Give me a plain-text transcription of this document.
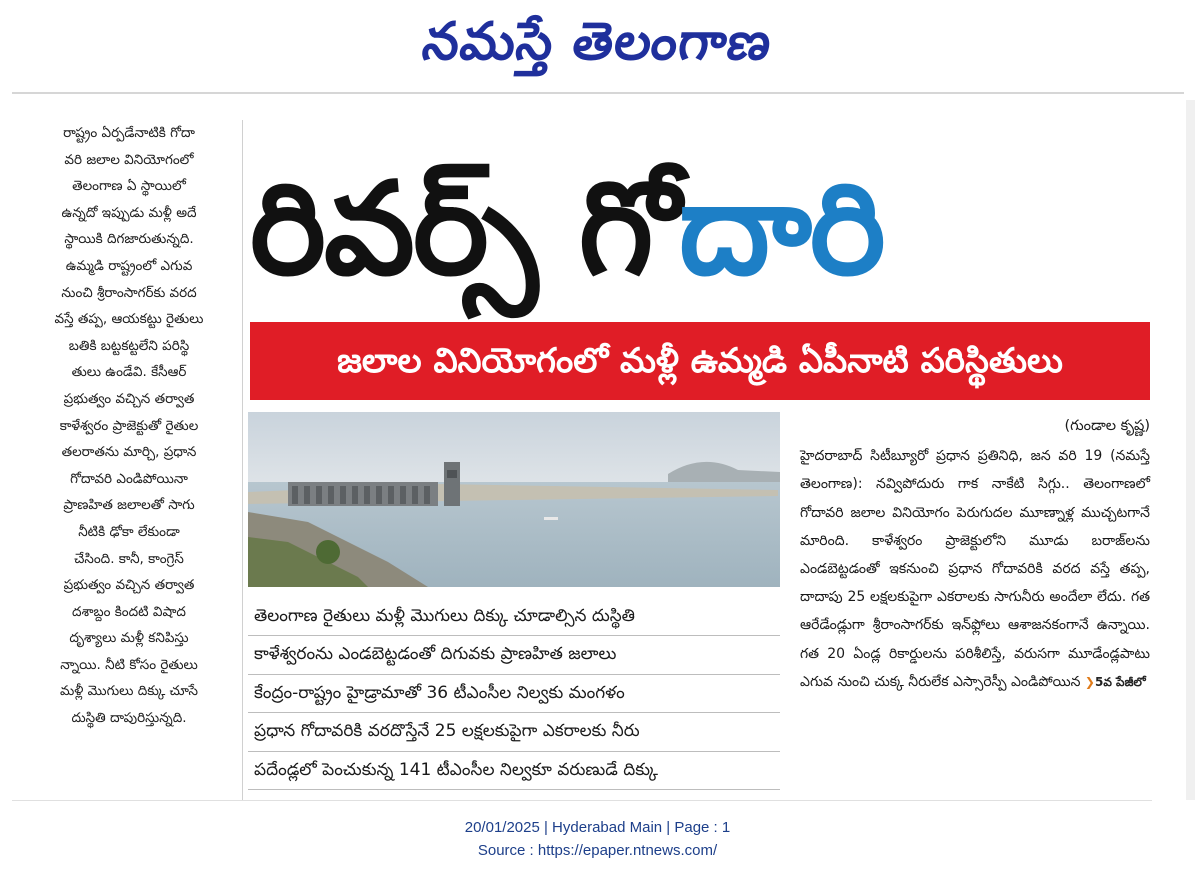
నమస్తే తెలంగాణ
రాష్ట్రం ఏర్పడేనాటికి గోదా
వరి జలాల వినియోగంలో
తెలంగాణ ఏ స్థాయిలో
ఉన్నదో ఇప్పుడు మళ్లీ అదే
స్థాయికి దిగజారుతున్నది.
ఉమ్మడి రాష్ట్రంలో ఎగువ
నుంచి శ్రీరాంసాగర్‌కు వరద
వస్తే తప్ప, ఆయకట్టు రైతులు
బతికి బట్టకట్టలేని పరిస్థి
తులు ఉండేవి. కేసీఆర్
ప్రభుత్వం వచ్చిన తర్వాత
కాళేశ్వరం ప్రాజెక్టుతో రైతుల
తలరాతను మార్చి, ప్రధాన
గోదావరి ఎండిపోయినా
ప్రాణహిత జలాలతో సాగు
నీటికి ఢోకా లేకుండా
చేసింది. కానీ, కాంగ్రెస్
ప్రభుత్వం వచ్చిన తర్వాత
దశాబ్దం కిందటి విషాద
దృశ్యాలు మళ్లీ కనిపిస్తు
న్నాయి. నీటి కోసం రైతులు
మళ్లీ మొగులు దిక్కు చూసే
దుస్థితి దాపురిస్తున్నది.
రివర్స్ గోదారి
జలాల వినియోగంలో మళ్లీ ఉమ్మడి ఏపీనాటి పరిస్థితులు
తెలంగాణ రైతులు మళ్లీ మొగులు దిక్కు చూడాల్సిన దుస్థితి
కాళేశ్వరంను ఎండబెట్టడంతో దిగువకు ప్రాణహిత జలాలు
కేంద్రం-రాష్ట్రం హైడ్రామాతో 36 టీఎంసీల నిల్వకు మంగళం
ప్రధాన గోదావరికి వరదొస్తేనే 25 లక్షలకుపైగా ఎకరాలకు నీరు
పదేండ్లలో పెంచుకున్న 141 టీఎంసీల నిల్వకూ వరుణుడే దిక్కు
(గుండాల కృష్ణ)

హైదరాబాద్ సిటీబ్యూరో ప్రధాన ప్రతినిధి, జన వరి 19 (నమస్తే తెలంగాణ): నవ్విపోదురు గాక నాకేటి సిగ్గు.. తెలంగాణలో గోదావరి జలాల వినియోగం పెరుగుదల మూణ్నాళ్ల ముచ్చటగానే మారింది. కాళేశ్వరం ప్రాజెక్టులోని మూడు బరాజ్‌లను ఎండబెట్టడంతో ఇకనుంచి ప్రధాన గోదావరికి వరద వస్తే తప్ప, దాదాపు 25 లక్షలకుపైగా ఎకరాలకు సాగునీరు అందేలా లేదు. గత ఆరేడేండ్లుగా శ్రీరాంసాగర్‌కు ఇన్‌ఫ్లోలు ఆశాజనకంగానే ఉన్నాయి. గత 20 ఏండ్ల రికార్డులను పరిశీలిస్తే, వరుసగా మూడేండ్లపాటు ఎగువ నుంచి చుక్క నీరులేక ఎస్సారెస్పీ ఎండిపోయిన ❯5వ పేజీలో

20/01/2025 | Hyderabad Main | Page : 1
Source : https://epaper.ntnews.com/
